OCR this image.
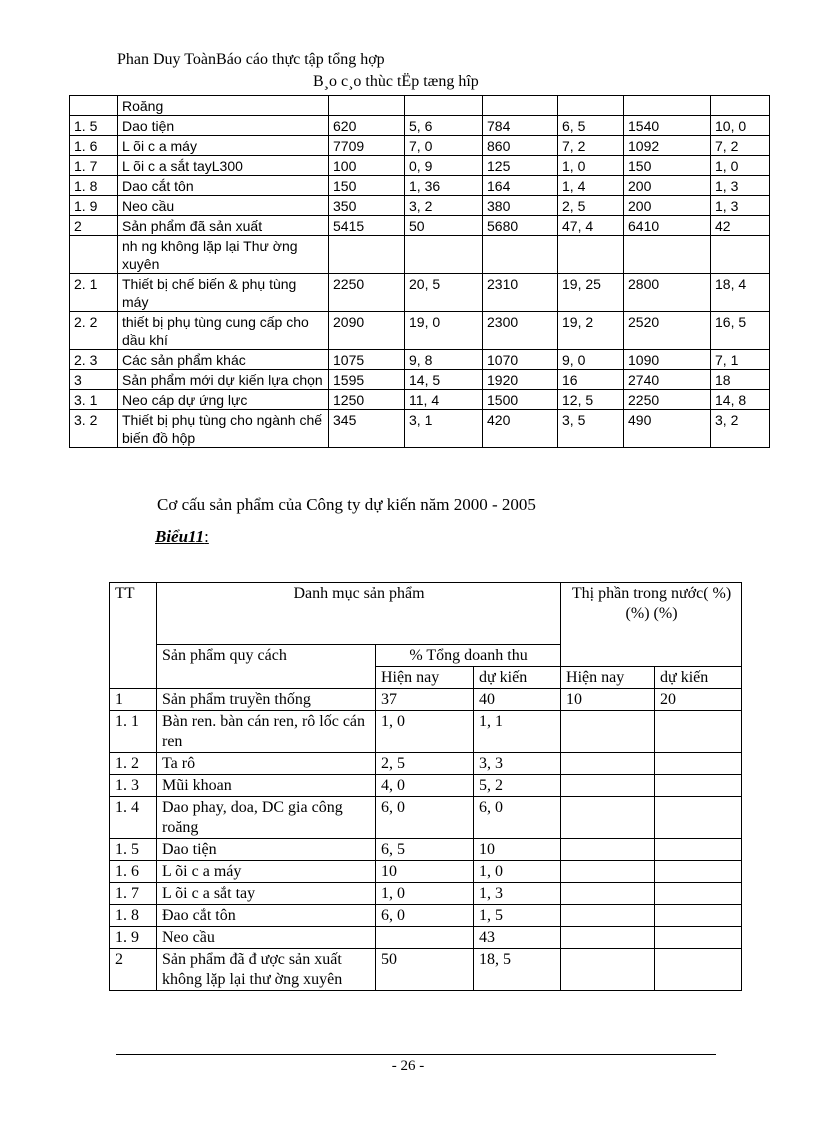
Phan Duy ToànBáo cáo thực tập tổng hợp
B¸o c¸o thùc tËp tæng hîp
	Roăng						
1. 5	Dao tiện	620	5, 6	784	6, 5	1540	10, 0
1. 6	L õi c a máy	7709	7, 0	860	7, 2	1092	7, 2
1. 7	L õi c a sắt tayL300	100	0, 9	125	1, 0	150	1, 0
1. 8	Dao cắt tôn	150	1, 36	164	1, 4	200	1, 3
1. 9	Neo cầu	350	3, 2	380	2, 5	200	1, 3
2	Sản phẩm đã sản xuất	5415	50	5680	47, 4	6410	42
	nh ng không lặp lại Thư ờng xuyên						
2. 1	Thiết bị chế biến & phụ tùng máy	2250	20, 5	2310	19, 25	2800	18, 4
2. 2	thiết bị phụ tùng cung cấp cho dầu khí	2090	19, 0	2300	19, 2	2520	16, 5
2. 3	Các sản phẩm khác	1075	9, 8	1070	9, 0	1090	7, 1
3	Sản phẩm mới dự kiến lựa chọn	1595	14, 5	1920	16	2740	18
3. 1	Neo cáp dự ứng lực	1250	11, 4	1500	12, 5	2250	14, 8
3. 2	Thiết bị phụ tùng cho ngành chế biến đồ hộp	345	3, 1	420	3, 5	490	3, 2
Cơ cấu sản phẩm của Công ty dự kiến năm 2000 - 2005
Biểu11:
TT	Danh mục sản phẩm			Thị phần trong nước( %)(%) (%)	
	Sản phẩm quy cách	% Tổng doanh thu			
		Hiện nay	dự kiến	Hiện nay	dự kiến
1	Sản phẩm truyền thống	37	40	10	20
1. 1	Bàn ren. bàn cán ren, rô lốc cán ren	1, 0	1, 1		
1. 2	Ta rô	2, 5	3, 3		
1. 3	Mũi khoan	4, 0	5, 2		
1. 4	Dao phay, doa, DC gia công roăng	6, 0	6, 0		
1. 5	Dao tiện	6, 5	10		
1. 6	L õi c a máy	10	1, 0		
1. 7	L õi c a sắt tay	1, 0	1, 3		
1. 8	Đao cắt tôn	6, 0	1, 5		
1. 9	Neo cầu		43		
2	Sản phẩm đã đ ược sản xuất không lặp lại thư ờng xuyên	50	18, 5		
- 26 -
